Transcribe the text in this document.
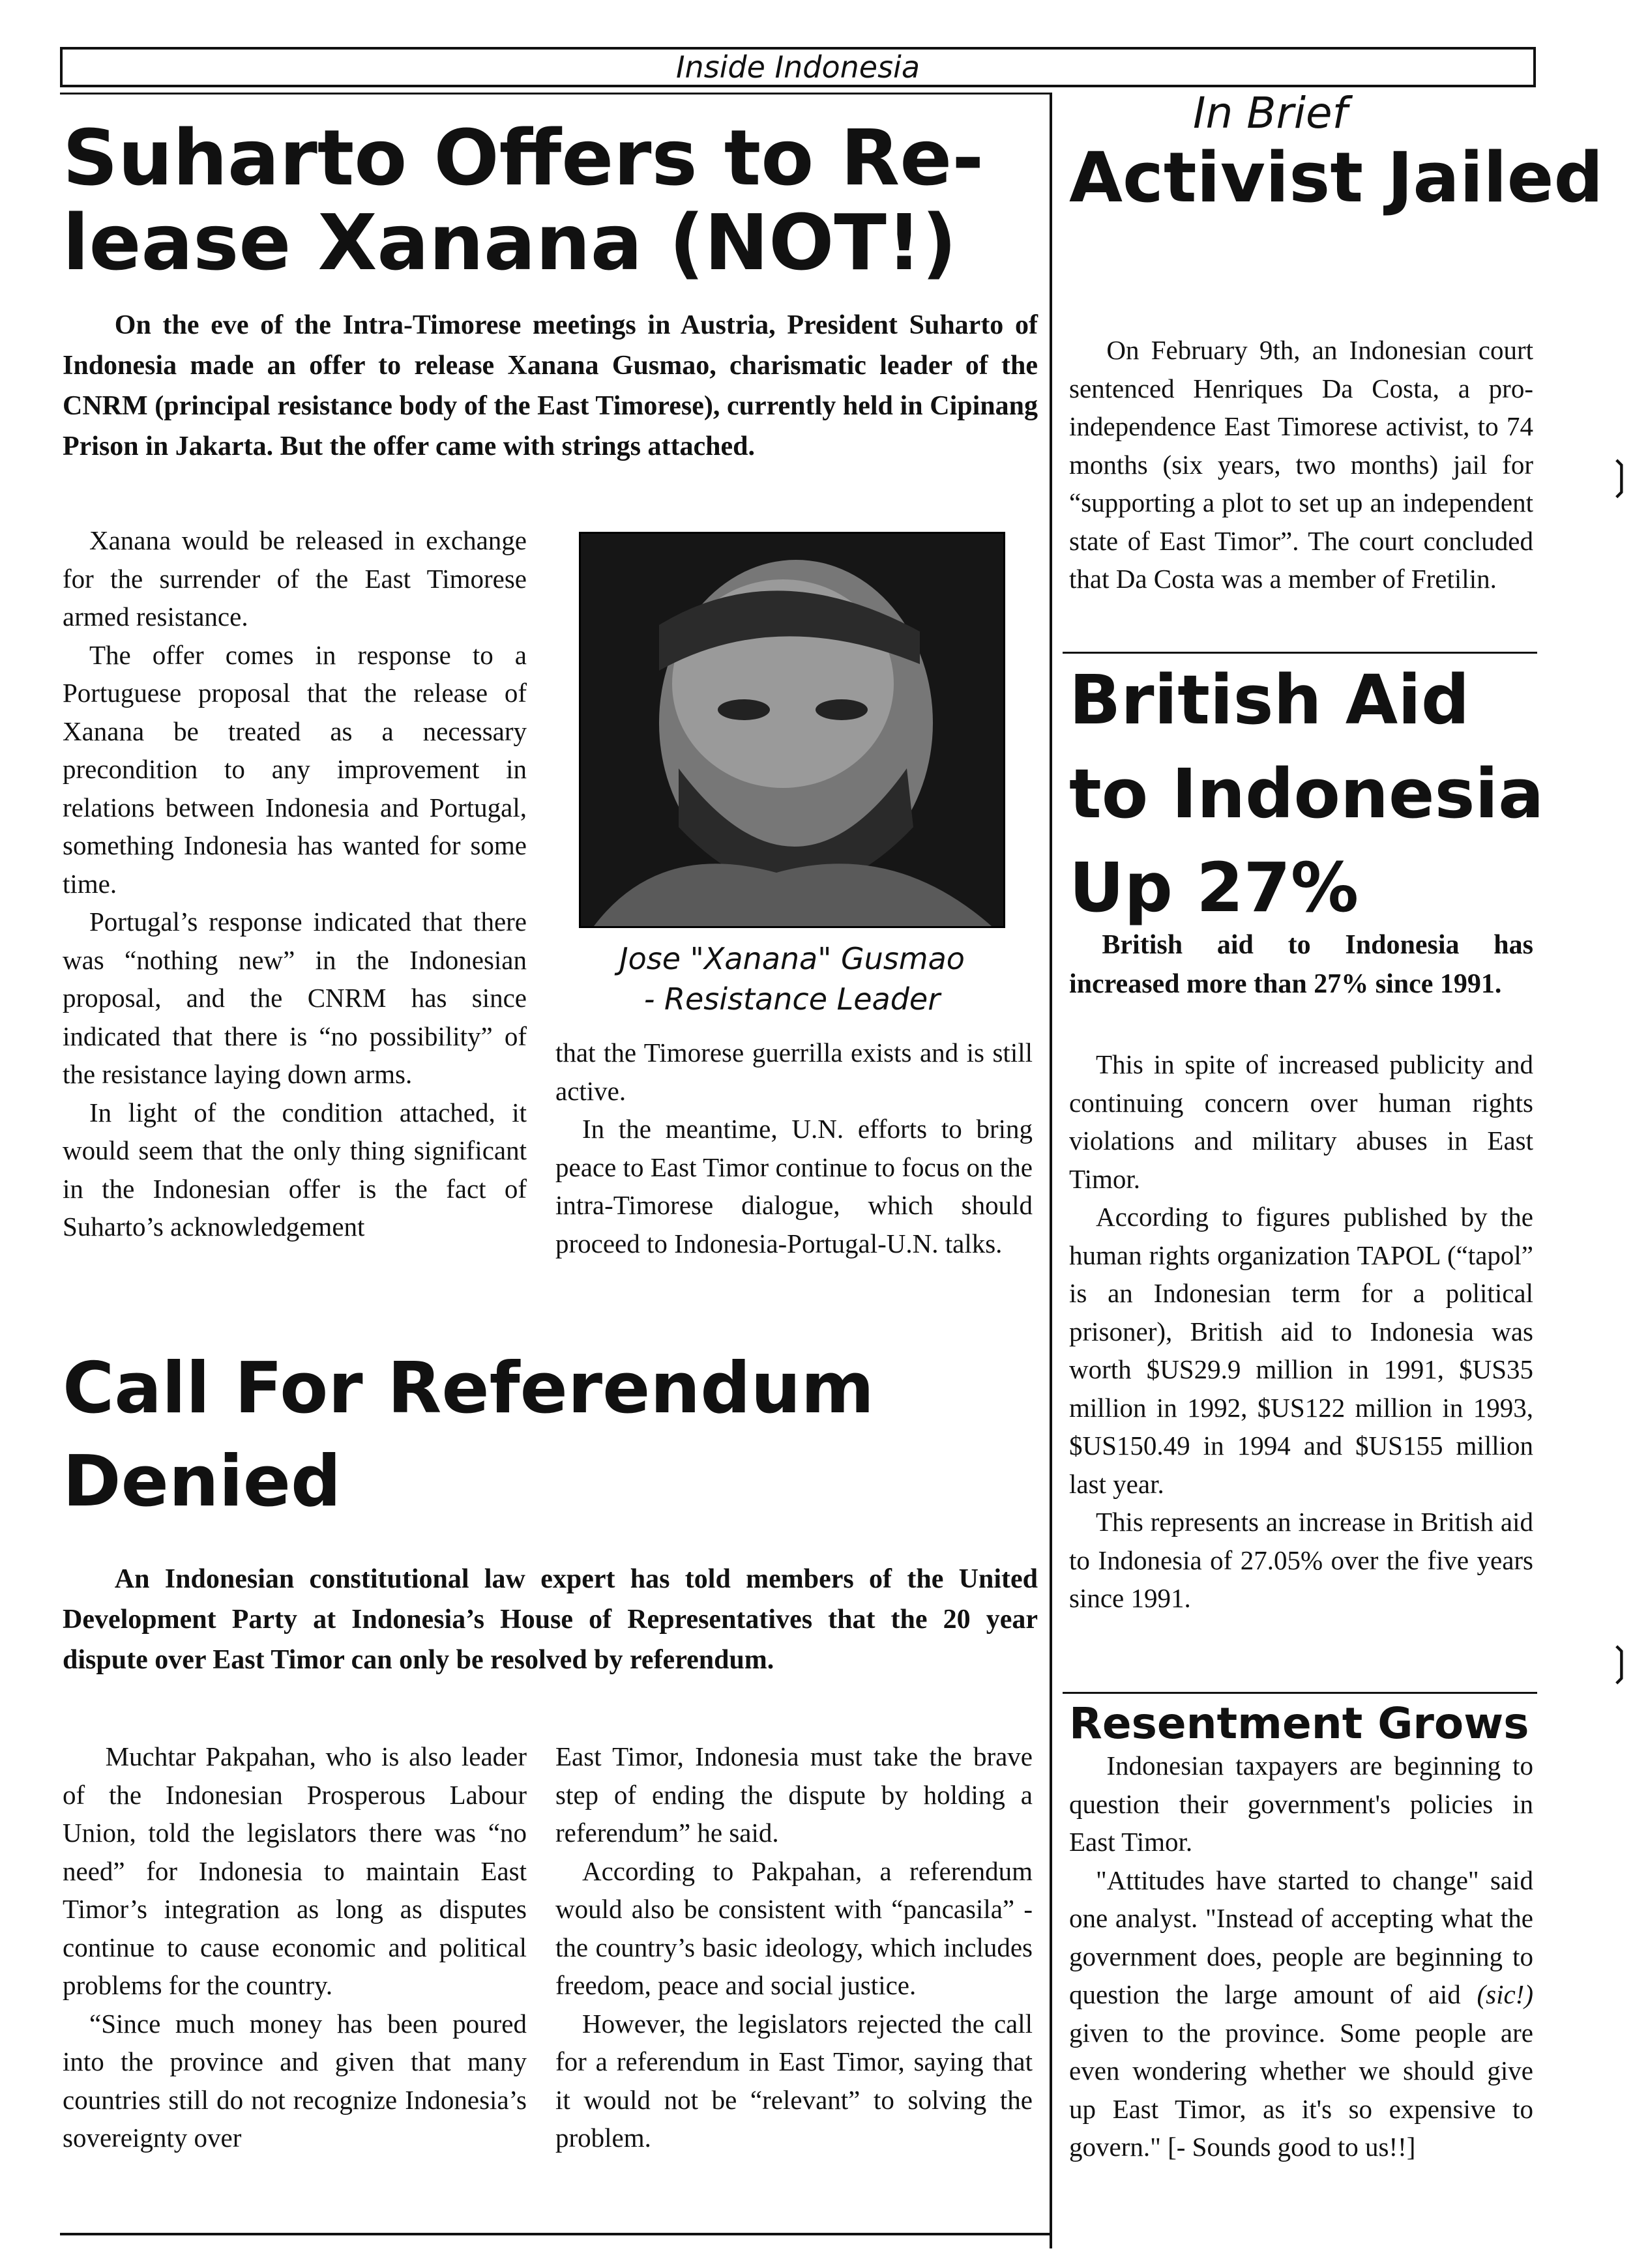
Inside Indonesia
Suharto Offers to Re-lease Xanana (NOT!)

On the eve of the Intra-Timorese meetings in Austria, President Suharto of Indonesia made an offer to release Xanana Gusmao, charismatic leader of the CNRM (principal resistance body of the East Timorese), currently held in Cipinang Prison in Jakarta. But the offer came with strings attached.

Xanana would be released in exchange for the surrender of the East Timorese armed resistance.

The offer comes in response to a Portuguese proposal that the release of Xanana be treated as a necessary precondition to any improvement in relations between Indonesia and Portugal, something Indonesia has wanted for some time.

Portugal’s response indicated that there was “nothing new” in the Indonesian proposal, and the CNRM has since indicated that there is “no possibility” of the resistance laying down arms.

In light of the condition attached, it would seem that the only thing significant in the Indonesian offer is the fact of Suharto’s acknowledgement

Jose "Xanana" Gusmao
- Resistance Leader

that the Timorese guerrilla exists and is still active.

In the meantime, U.N. efforts to bring peace to East Timor continue to focus on the intra-Timorese dialogue, which should proceed to Indonesia-Portugal-U.N. talks.

Call For Referendum Denied

An Indonesian constitutional law expert has told members of the United Development Party at Indonesia’s House of Representatives that the 20 year dispute over East Timor can only be resolved by referendum.

Muchtar Pakpahan, who is also leader of the Indonesian Prosperous Labour Union, told the legislators there was “no need” for Indonesia to maintain East Timor’s integration as long as disputes continue to cause economic and political problems for the country.

“Since much money has been poured into the province and given that many countries still do not recognize Indonesia’s sovereignty over

East Timor, Indonesia must take the brave step of ending the dispute by holding a referendum” he said.

According to Pakpahan, a referendum would also be consistent with “pancasila” - the country’s basic ideology, which includes freedom, peace and social justice.

However, the legislators rejected the call for a referendum in East Timor, saying that it would not be “relevant” to solving the problem.

In Brief
Activist Jailed

On February 9th, an Indonesian court sentenced Henriques Da Costa, a pro-independence East Timorese activist, to 74 months (six years, two months) jail for “supporting a plot to set up an independent state of East Timor”. The court concluded that Da Costa was a member of Fretilin.

British Aid to Indonesia Up 27%

British aid to Indonesia has increased more than 27% since 1991.

This in spite of increased publicity and continuing concern over human rights violations and military abuses in East Timor.

According to figures published by the human rights organization TAPOL (“tapol” is an Indonesian term for a political prisoner), British aid to Indonesia was worth $US29.9 million in 1991, $US35 million in 1992, $US122 million in 1993, $US150.49 in 1994 and $US155 million last year.

This represents an increase in British aid to Indonesia of 27.05% over the five years since 1991.

Resentment Grows

Indonesian taxpayers are beginning to question their government's policies in East Timor.

"Attitudes have started to change" said one analyst. "Instead of accepting what the government does, people are beginning to question the large amount of aid (sic!) given to the province. Some people are even wondering whether we should give up East Timor, as it's so expensive to govern." [- Sounds good to us!!]

❳
❳
